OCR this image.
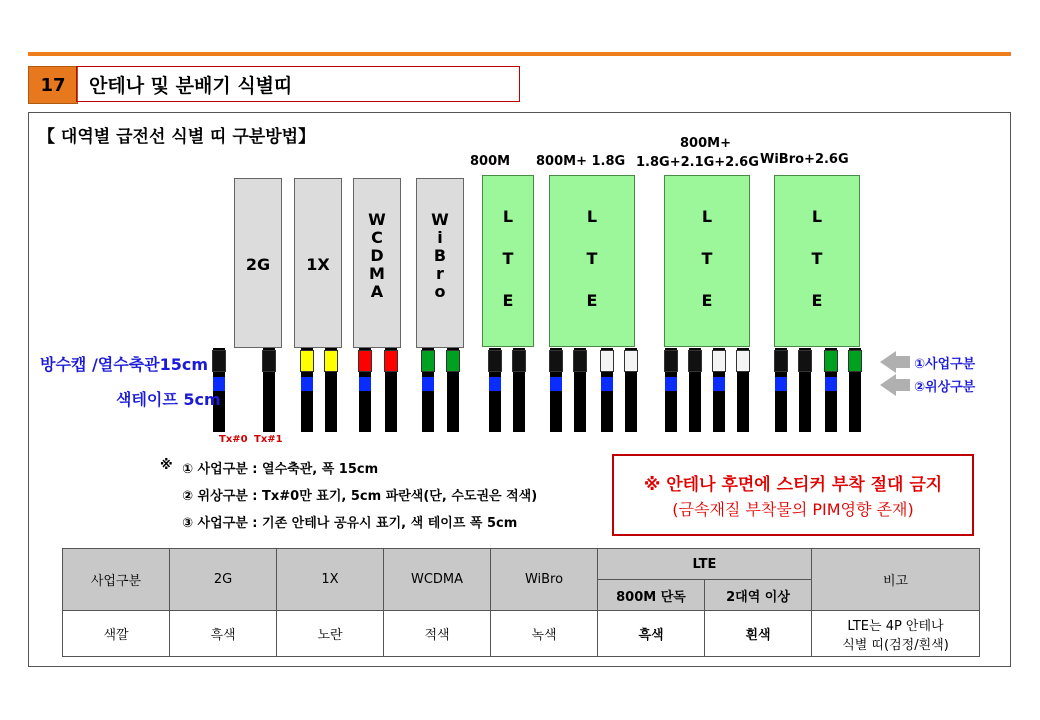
17	안테나 및 분배기 식별띠
【 대역별 급전선 식별 띠 구분방법】
800M 800M+ 1.8G
800M+
1.8G+2.1G+2.6G WiBro+2.6G
2G	1X
W
C
D
M
A
W
i
B
r
o
L
T
E
L
T
E
L
T
E
L
T
E
방수캡 /열수축관15cm
색테이프 5cm
Tx#0 Tx#1
①사업구분
②위상구분
※ ① 사업구분 : 열수축관, 폭 15cm
② 위상구분 : Tx#0만 표기, 5cm 파란색(단, 수도권은 적색)
③ 사업구분 : 기존 안테나 공유시 표기, 색 테이프 폭 5cm
※ 안테나 후면에 스티커 부착 절대 금지
(금속재질 부착물의 PIM영향 존재)
사업구분	2G	1X	WCDMA	WiBro	LTE		비고
					800M 단독	2대역 이상	
색깔	흑색	노란	적색	녹색	흑색	흰색	LTE는 4P 안테나
식별 띠(검정/흰색)
